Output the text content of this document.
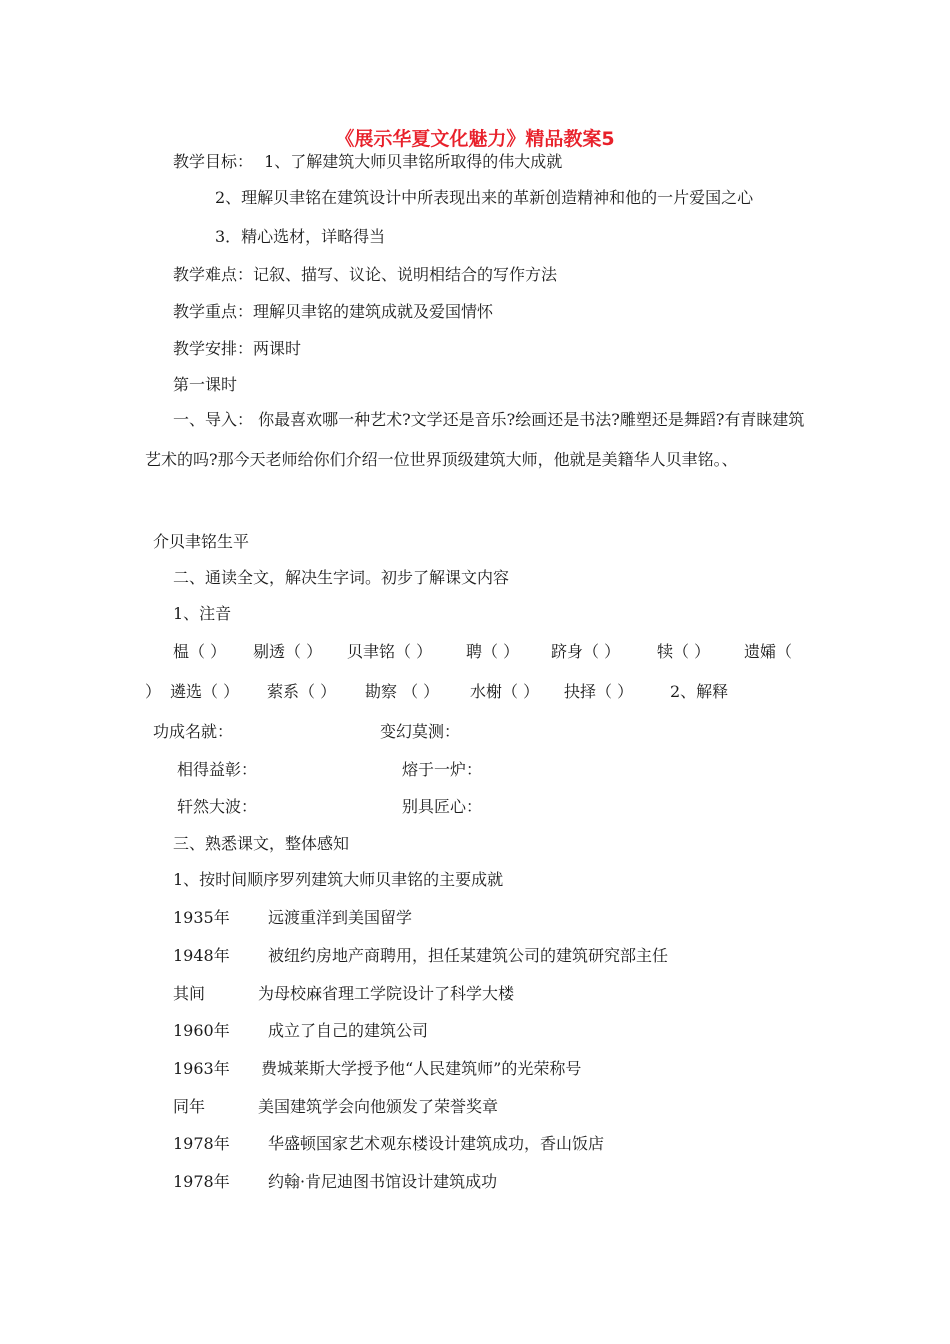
《展示华夏文化魅力》精品教案5
教学目标： 1、了解建筑大师贝聿铭所取得的伟大成就
2、理解贝聿铭在建筑设计中所表现出来的革新创造精神和他的一片爱国之心
3．精心选材，详略得当
教学难点：记叙、描写、议论、说明相结合的写作方法
教学重点：理解贝聿铭的建筑成就及爱国情怀
教学安排：两课时
第一课时
一、导入： 你最喜欢哪一种艺术?文学还是音乐?绘画还是书法?雕塑还是舞蹈?有青睐建筑艺术的吗?那今天老师给你们介绍一位世界顶级建筑大师，他就是美籍华人贝聿铭。、
介贝聿铭生平
二、通读全文，解决生字词。初步了解课文内容
1、注音
榅（ ） 剔透（ ） 贝聿铭（ ） 聘（ ） 跻身（ ） 犊（ ） 遗孀（
） 遴选（ ） 萦系（ ） 勘察 （ ） 水榭（ ） 抉择（ ） 2、解释
功成名就：	变幻莫测：
相得益彰：	熔于一炉：
轩然大波：	别具匠心：
三、熟悉课文，整体感知
1、按时间顺序罗列建筑大师贝聿铭的主要成就
1935年 远渡重洋到美国留学
1948年 被纽约房地产商聘用，担任某建筑公司的建筑研究部主任
其间	为母校麻省理工学院设计了科学大楼
1960年 成立了自己的建筑公司
1963年 费城莱斯大学授予他“人民建筑师”的光荣称号
同年	美国建筑学会向他颁发了荣誉奖章
1978年 华盛顿国家艺术观东楼设计建筑成功，香山饭店
1978年 约翰·肯尼迪图书馆设计建筑成功
